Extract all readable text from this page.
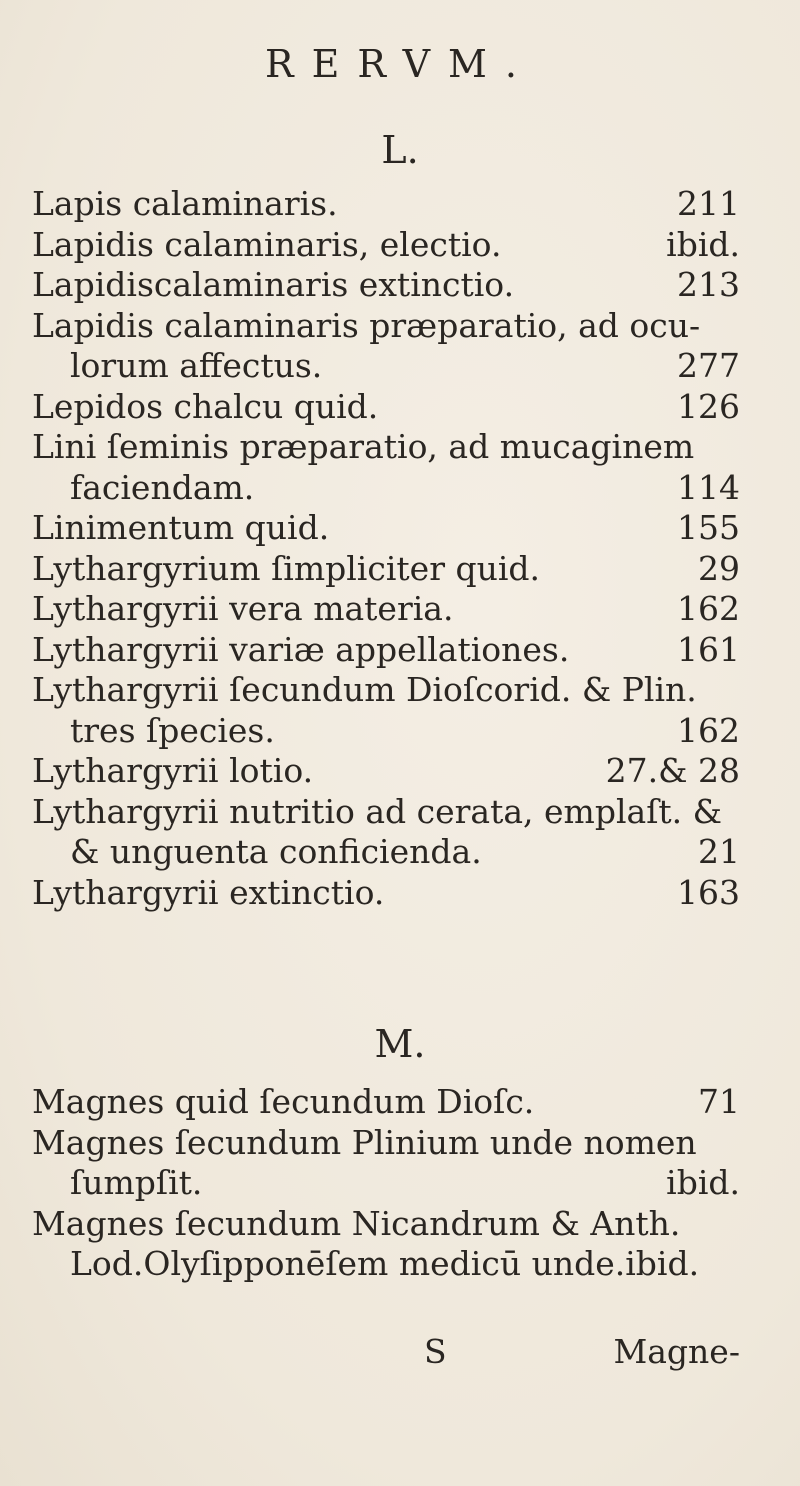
RERVM.
L.
Lapis calaminaris.	211
Lapidis calaminaris, electio.	ibid.
Lapidiscalaminaris extinctio.	213
Lapidis calaminaris præparatio, ad ocu-
lorum affectus.	277
Lepidos chalcu quid.	126
Lini ſeminis præparatio, ad mucaginem
faciendam.	114
Linimentum quid.	155
Lythargyrium ſimpliciter quid.	29
Lythargyrii vera materia.	162
Lythargyrii variæ appellationes.	161
Lythargyrii ſecundum Dioſcorid. & Plin.
tres ſpecies.	162
Lythargyrii lotio.	27.& 28
Lythargyrii nutritio ad cerata, emplaſt. &
& unguenta conficienda.	21
Lythargyrii extinctio.	163
M.
Magnes quid ſecundum Dioſc.	71
Magnes ſecundum Plinium unde nomen
ſumpſit.	ibid.
Magnes ſecundum Nicandrum & Anth.
Lod.Olyſipponēſem medicū unde.ibid.
S	Magne-
